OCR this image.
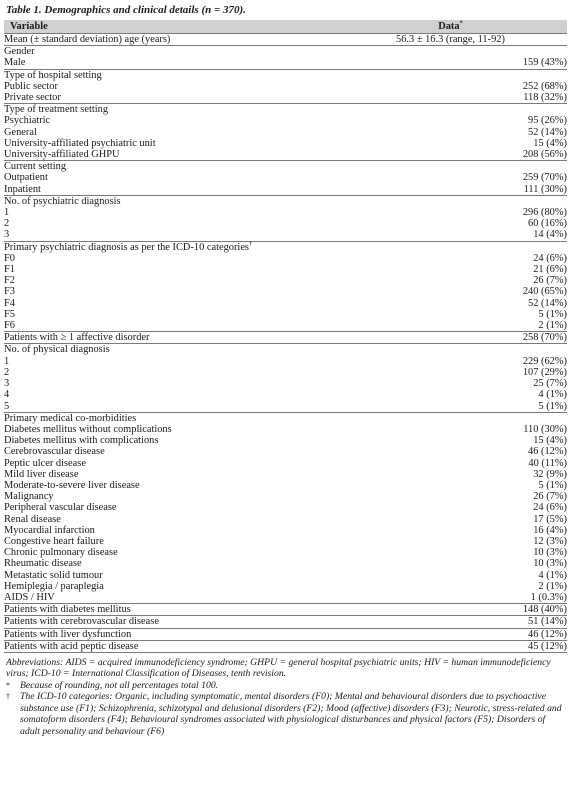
Table 1. Demographics and clinical details (n = 370).
Variable	Data*
Mean (± standard deviation) age (years)	56.3 ± 16.3 (range, 11-92)
Gender	
Male	159 (43%)
Type of hospital setting	
Public sector	252 (68%)
Private sector	118 (32%)
Type of treatment setting	
Psychiatric	95 (26%)
General	52 (14%)
University-affiliated psychiatric unit	15 (4%)
University-affiliated GHPU	208 (56%)
Current setting	
Outpatient	259 (70%)
Inpatient	111 (30%)
No. of psychiatric diagnosis	
1	296 (80%)
2	60 (16%)
3	14 (4%)
Primary psychiatric diagnosis as per the ICD-10 categories†	
F0	24 (6%)
F1	21 (6%)
F2	26 (7%)
F3	240 (65%)
F4	52 (14%)
F5	5 (1%)
F6	2 (1%)
Patients with ≥ 1 affective disorder	258 (70%)
No. of physical diagnosis	
1	229 (62%)
2	107 (29%)
3	25 (7%)
4	4 (1%)
5	5 (1%)
Primary medical co-morbidities	
Diabetes mellitus without complications	110 (30%)
Diabetes mellitus with complications	15 (4%)
Cerebrovascular disease	46 (12%)
Peptic ulcer disease	40 (11%)
Mild liver disease	32 (9%)
Moderate-to-severe liver disease	5 (1%)
Malignancy	26 (7%)
Peripheral vascular disease	24 (6%)
Renal disease	17 (5%)
Myocardial infarction	16 (4%)
Congestive heart failure	12 (3%)
Chronic pulmonary disease	10 (3%)
Rheumatic disease	10 (3%)
Metastatic solid tumour	4 (1%)
Hemiplegia / paraplegia	2 (1%)
AIDS / HIV	1 (0.3%)
Patients with diabetes mellitus	148 (40%)
Patients with cerebrovascular disease	51 (14%)
Patients with liver dysfunction	46 (12%)
Patients with acid peptic disease	45 (12%)
Abbreviations: AIDS = acquired immunodeficiency syndrome; GHPU = general hospital psychiatric units; HIV = human immunodeficiency virus; ICD-10 = International Classification of Diseases, tenth revision.
*	Because of rounding, not all percentages total 100.
†	The ICD-10 categories: Organic, including symptomatic, mental disorders (F0); Mental and behavioural disorders due to psychoactive substance use (F1); Schizophrenia, schizotypal and delusional disorders (F2); Mood (affective) disorders (F3); Neurotic, stress-related and somatoform disorders (F4); Behavioural syndromes associated with physiological disturbances and physical factors (F5); Disorders of adult personality and behaviour (F6)
